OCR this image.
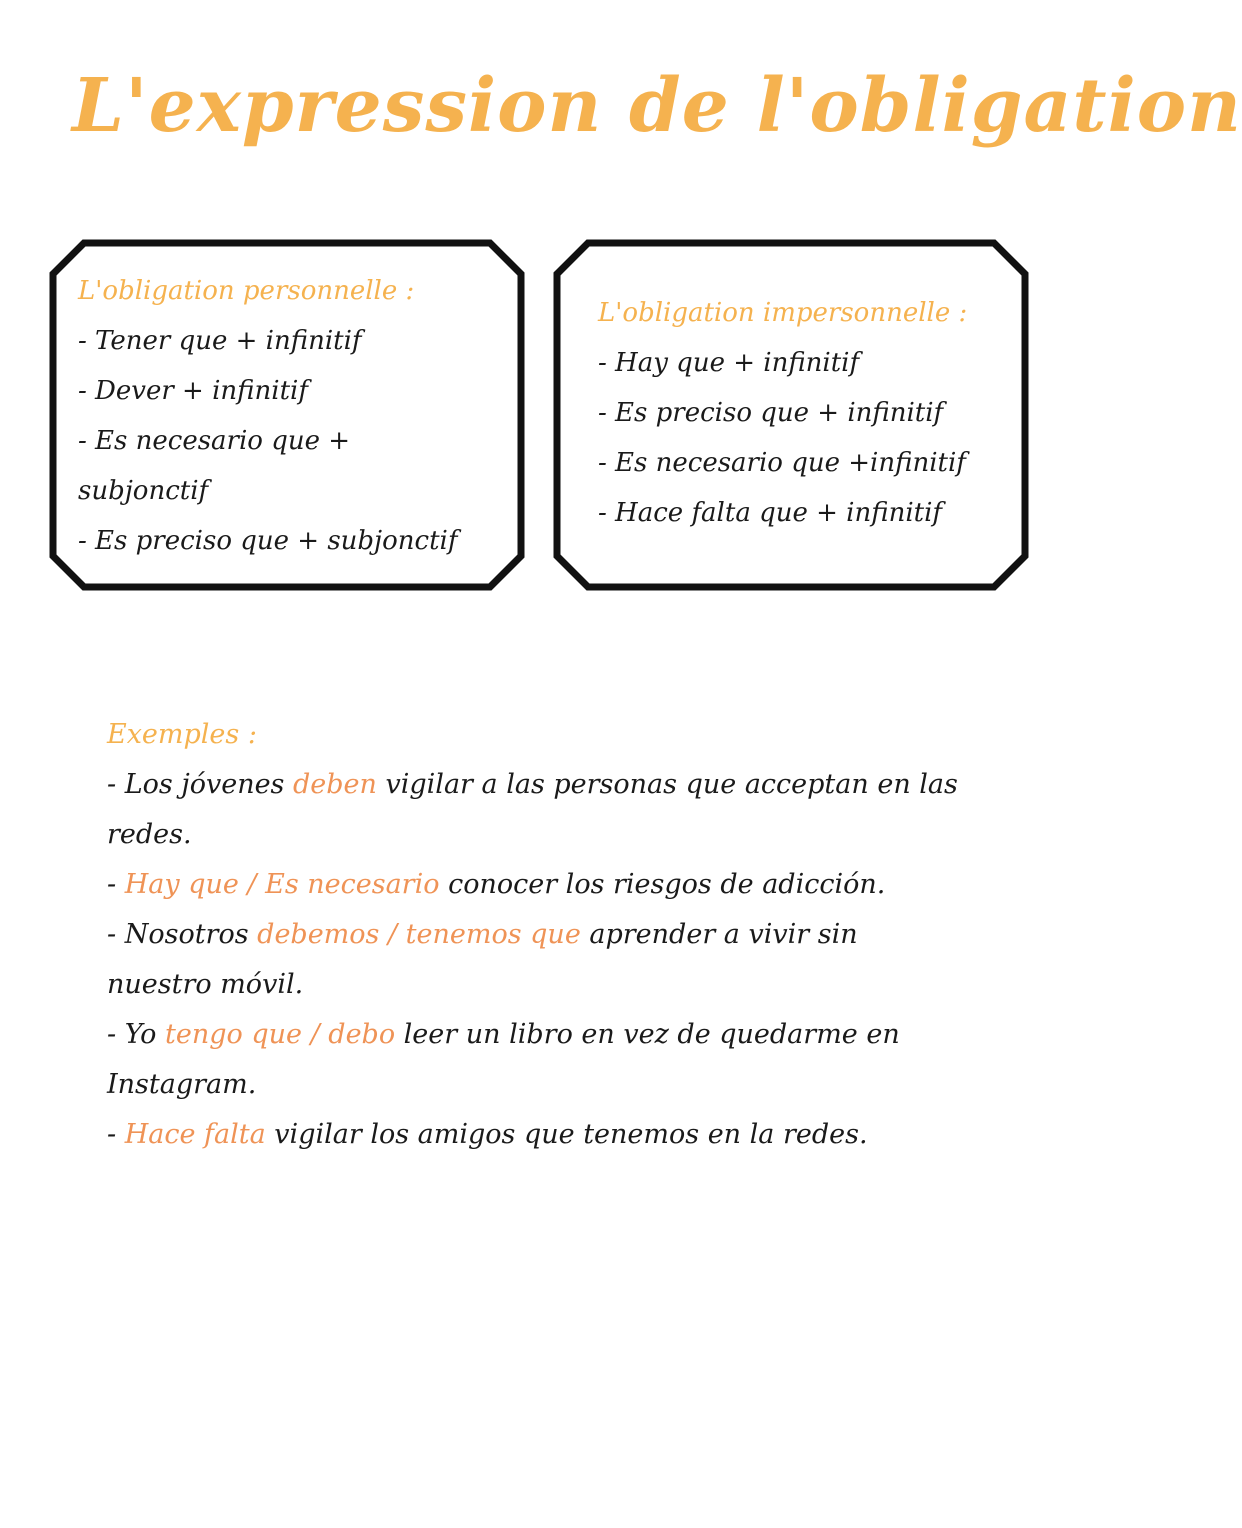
L'expression de l'obligation
L'obligation personnelle :
- Tener que + infinitif
- Dever + infinitif
- Es necesario que + subjonctif
- Es preciso que + subjonctif
L'obligation impersonnelle :
- Hay que + infinitif
- Es preciso que + infinitif
- Es necesario que +infinitif
- Hace falta que + infinitif
Exemples :
- Los jóvenes deben vigilar a las personas que acceptan en las redes.
- Hay que / Es necesario conocer los riesgos de adicción.
- Nosotros debemos / tenemos que aprender a vivir sin nuestro móvil.
- Yo tengo que / debo leer un libro en vez de quedarme en Instagram.
- Hace falta vigilar los amigos que tenemos en la redes.
